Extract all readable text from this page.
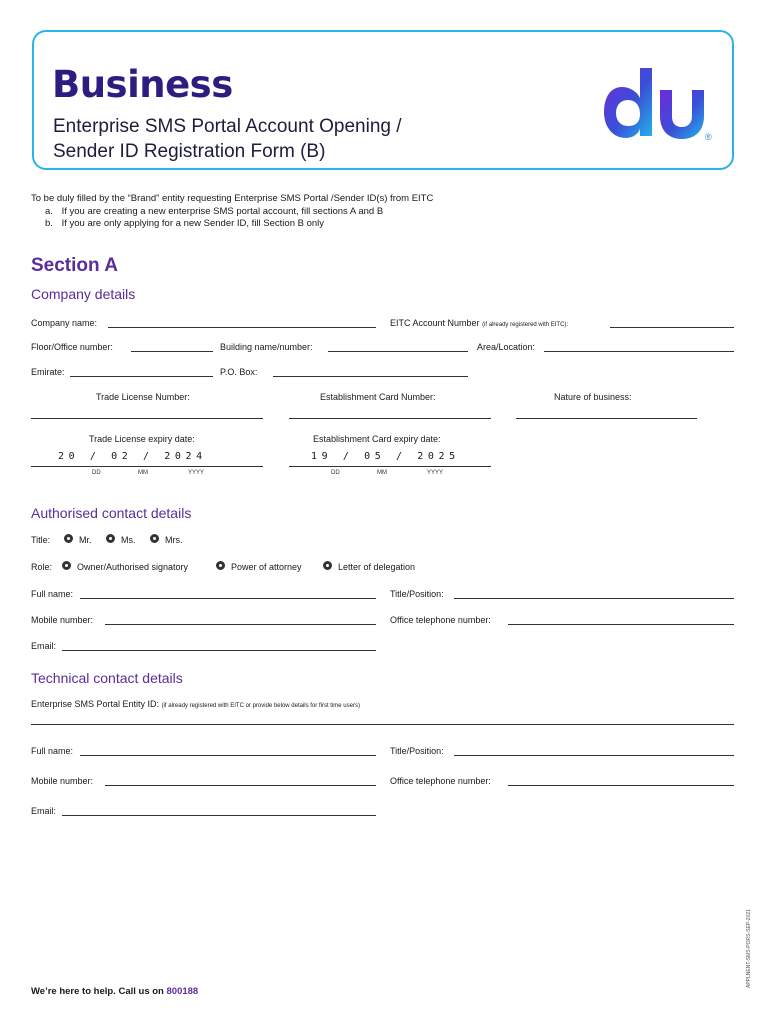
Business
Enterprise SMS Portal Account Opening /
Sender ID Registration Form (B)
®
To be duly filled by the “Brand” entity requesting Enterprise SMS Portal /Sender ID(s) from EITC
a. If you are creating a new enterprise SMS portal account, fill sections A and B
b. If you are only applying for a new Sender ID, fill Section B only
Section A
Company details
Company name:	EITC Account Number (if already registered with EITC):
Floor/Office number:	Building name/number:	Area/Location:
Emirate:	P.O. Box:
Trade License Number:	Establishment Card Number:	Nature of business:
Trade License expiry date:
20 / 02 / 2024
DD	MM	YYYY
Establishment Card expiry date:
19 / 05 / 2025
DD	MM	YYYY
Authorised contact details
Title:	Mr.	Ms.	Mrs.
Role:	Owner/Authorised signatory	Power of attorney	Letter of delegation
Full name:	Title/Position:
Mobile number:	Office telephone number:
Email:
Technical contact details
Enterprise SMS Portal Entity ID: (if already registered with EITC or provide below details for first time users)
Full name:	Title/Position:
Mobile number:	Office telephone number:
Email:
APPLNENT-SMS-PORS-SEP-2021
We’re here to help. Call us on 800188
